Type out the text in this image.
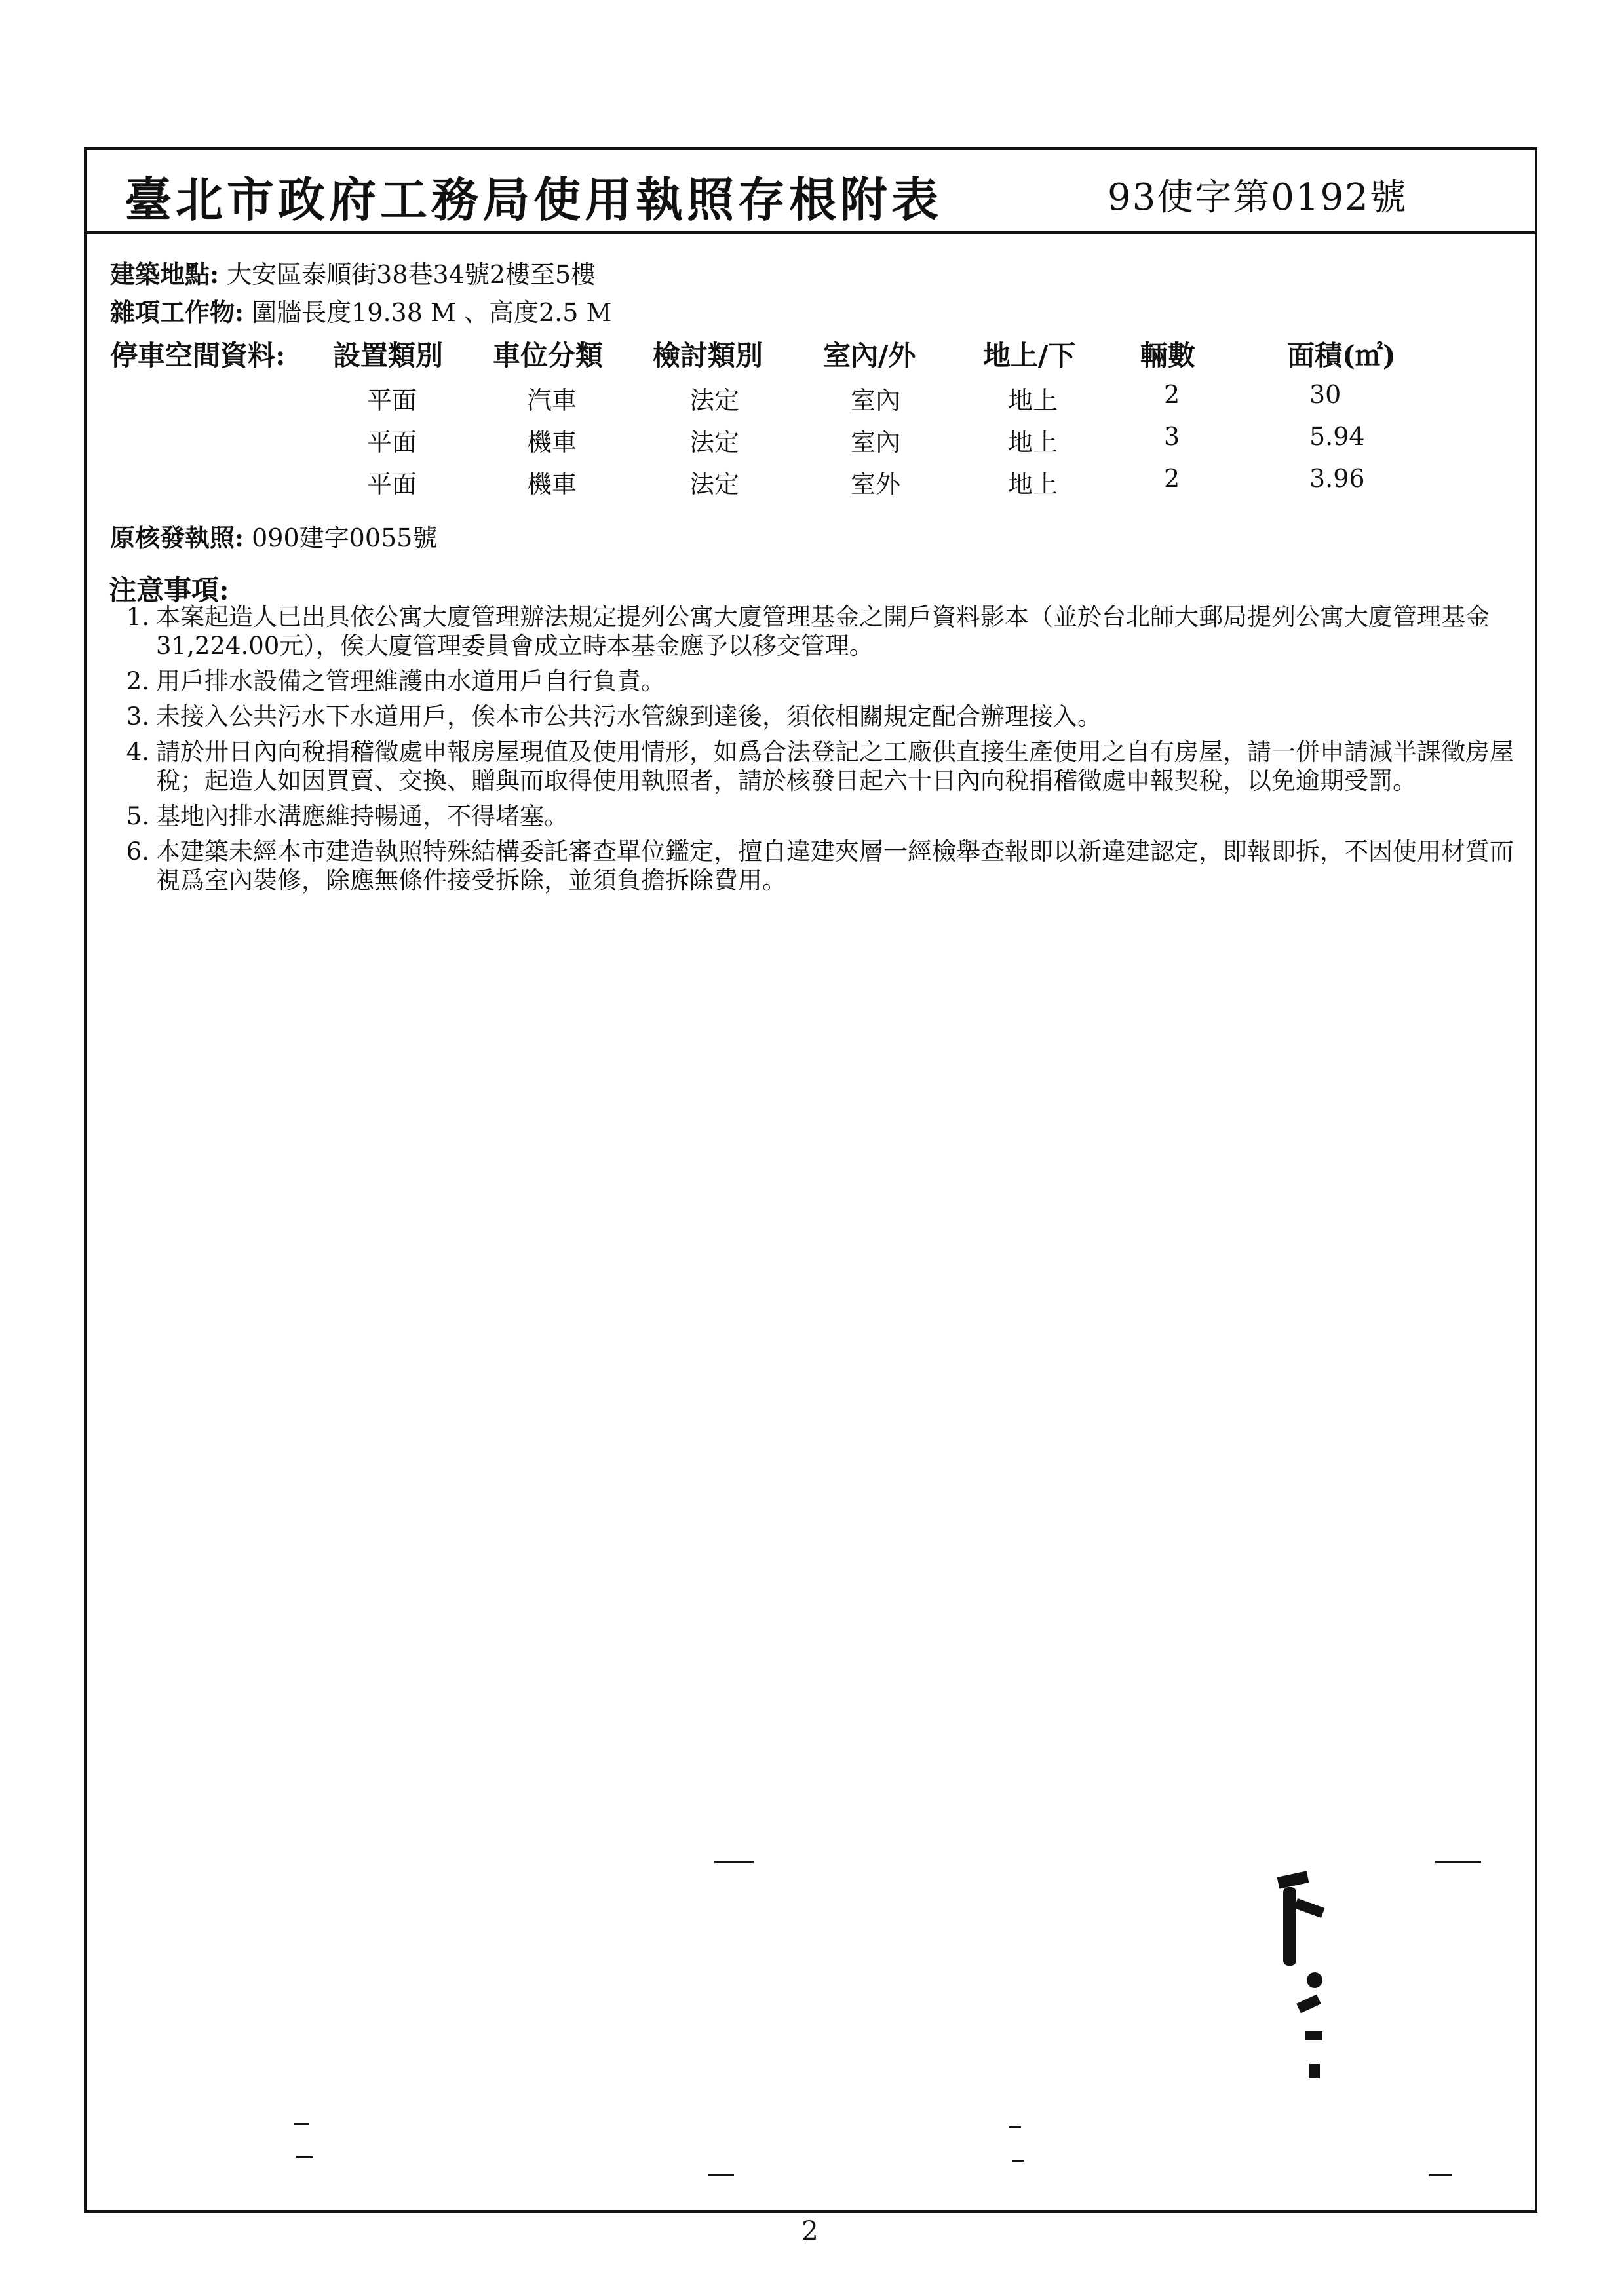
臺北市政府工務局使用執照存根附表	93使字第0192號
建築地點: 大安區泰順街38巷34號2樓至5樓
雜項工作物: 圍牆長度19.38 M 、高度2.5 M
停車空間資料: 設置類別 車位分類 檢討類別 室內/外 地上/下 輛數	面積(㎡)
平面	汽車	法定	室內	地上	2	30
平面	機車	法定	室內	地上	3	5.94
平面	機車	法定	室外	地上	2	3.96
原核發執照: 090建字0055號
注意事項:
1. 本案起造人已出具依公寓大廈管理辦法規定提列公寓大廈管理基金之開戶資料影本（並於台北師大郵局提列公寓大廈管理基金31,224.00元），俟大廈管理委員會成立時本基金應予以移交管理。
2. 用戶排水設備之管理維護由水道用戶自行負責。
3. 未接入公共污水下水道用戶，俟本市公共污水管線到達後，須依相關規定配合辦理接入。
4. 請於卅日內向稅捐稽徵處申報房屋現值及使用情形，如爲合法登記之工廠供直接生產使用之自有房屋，請一併申請減半課徵房屋稅；起造人如因買賣、交換、贈與而取得使用執照者，請於核發日起六十日內向稅捐稽徵處申報契稅，以免逾期受罰。
5. 基地內排水溝應維持暢通，不得堵塞。
6. 本建築未經本市建造執照特殊結構委託審查單位鑑定，擅自違建夾層一經檢舉查報即以新違建認定，即報即拆，不因使用材質而視爲室內裝修，除應無條件接受拆除，並須負擔拆除費用。
2
